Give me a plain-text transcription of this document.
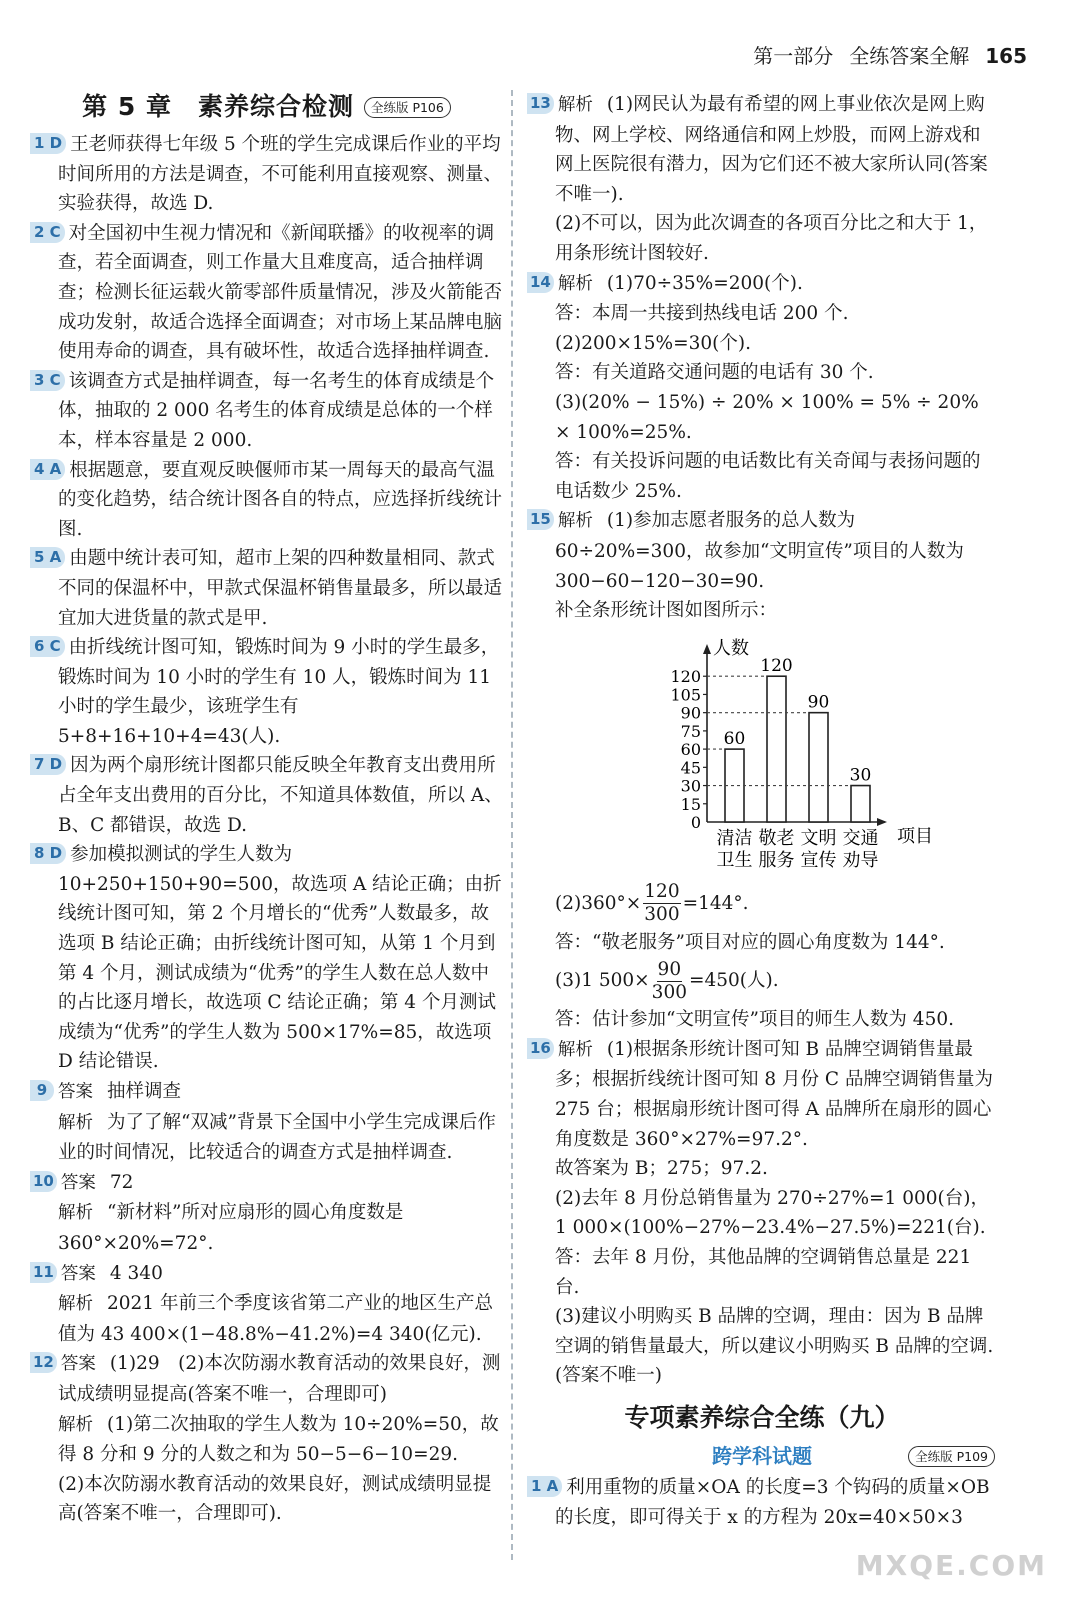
第一部分 全练答案全解 165
第 5 章　素养综合检测	全练版 P106
1 D 王老师获得七年级 5 个班的学生完成课后作业的平均时间所用的方法是调查，不可能利用直接观察、测量、实验获得，故选 D.
2 C 对全国初中生视力情况和《新闻联播》的收视率的调查，若全面调查，则工作量大且难度高，适合抽样调查；检测长征运载火箭零部件质量情况，涉及火箭能否成功发射，故适合选择全面调查；对市场上某品牌电脑使用寿命的调查，具有破坏性，故适合选择抽样调查.
3 C 该调查方式是抽样调查，每一名考生的体育成绩是个体，抽取的 2 000 名考生的体育成绩是总体的一个样本，样本容量是 2 000.
4 A 根据题意，要直观反映偃师市某一周每天的最高气温的变化趋势，结合统计图各自的特点，应选择折线统计图.
5 A 由题中统计表可知，超市上架的四种数量相同、款式不同的保温杯中，甲款式保温杯销售量最多，所以最适宜加大进货量的款式是甲.
6 C 由折线统计图可知，锻炼时间为 9 小时的学生最多，锻炼时间为 10 小时的学生有 10 人，锻炼时间为 11 小时的学生最少，该班学生有 5+8+16+10+4=43(人).
7 D 因为两个扇形统计图都只能反映全年教育支出费用所占全年支出费用的百分比，不知道具体数值，所以 A、B、C 都错误，故选 D.
8 D 参加模拟测试的学生人数为 10+250+150+90=500，故选项 A 结论正确；由折线统计图可知，第 2 个月增长的“优秀”人数最多，故选项 B 结论正确；由折线统计图可知，从第 1 个月到第 4 个月，测试成绩为“优秀”的学生人数在总人数中的占比逐月增长，故选项 C 结论正确；第 4 个月测试成绩为“优秀”的学生人数为 500×17%=85，故选项 D 结论错误.
9 答案 抽样调查
解析 为了了解“双减”背景下全国中小学生完成课后作业的时间情况，比较适合的调查方式是抽样调查.
10 答案 72
解析 “新材料”所对应扇形的圆心角度数是 360°×20%=72°.
11 答案 4 340
解析 2021 年前三个季度该省第二产业的地区生产总值为 43 400×(1−48.8%−41.2%)=4 340(亿元).
12 答案 (1)29　(2)本次防溺水教育活动的效果良好，测试成绩明显提高(答案不唯一，合理即可)
解析 (1)第二次抽取的学生人数为 10÷20%=50，故得 8 分和 9 分的人数之和为 50−5−6−10=29.
(2)本次防溺水教育活动的效果良好，测试成绩明显提高(答案不唯一，合理即可).
13 解析 (1)网民认为最有希望的网上事业依次是网上购物、网上学校、网络通信和网上炒股，而网上游戏和网上医院很有潜力，因为它们还不被大家所认同(答案不唯一).
(2)不可以，因为此次调查的各项百分比之和大于 1，用条形统计图较好.
14 解析 (1)70÷35%=200(个).
答：本周一共接到热线电话 200 个.
(2)200×15%=30(个).
答：有关道路交通问题的电话有 30 个.
(3)(20% − 15%) ÷ 20% × 100% = 5% ÷ 20% × 100%=25%.
答：有关投诉问题的电话数比有关奇闻与表扬问题的电话数少 25%.
15 解析 (1)参加志愿者服务的总人数为 60÷20%=300，故参加“文明宣传”项目的人数为 300−60−120−30=90.
补全条形统计图如图所示：
人数
项目
0
15
30
45
60
75
90
105
120
60
清洁
卫生
120
敬老
服务
90
文明
宣传
30
交通
劝导
$(2)360^\circ\times \frac{120}{300} =144^\circ$.
答：“敬老服务”项目对应的圆心角度数为 144°.
(3)1 $500\times \frac{90}{300} =450$(人).
答：估计参加“文明宣传”项目的师生人数为 450.
16 解析 (1)根据条形统计图可知 B 品牌空调销售量最多；根据折线统计图可知 8 月份 C 品牌空调销售量为 275 台；根据扇形统计图可得 A 品牌所在扇形的圆心角度数是 360°×27%=97.2°.
故答案为 B；275；97.2.
(2)去年 8 月份总销售量为 270÷27%=1 000(台)，
1 000×(100%−27%−23.4%−27.5%)=221(台).
答：去年 8 月份，其他品牌的空调销售总量是 221 台.
(3)建议小明购买 B 品牌的空调，理由：因为 B 品牌空调的销售量最大，所以建议小明购买 B 品牌的空调.(答案不唯一)
专项素养综合全练（九）
跨学科试题	全练版 P109
1 A 利用重物的质量×OA 的长度=3 个钩码的质量×OB 的长度，即可得关于 x 的方程为 20x=40×50×3
MXQE.COM
